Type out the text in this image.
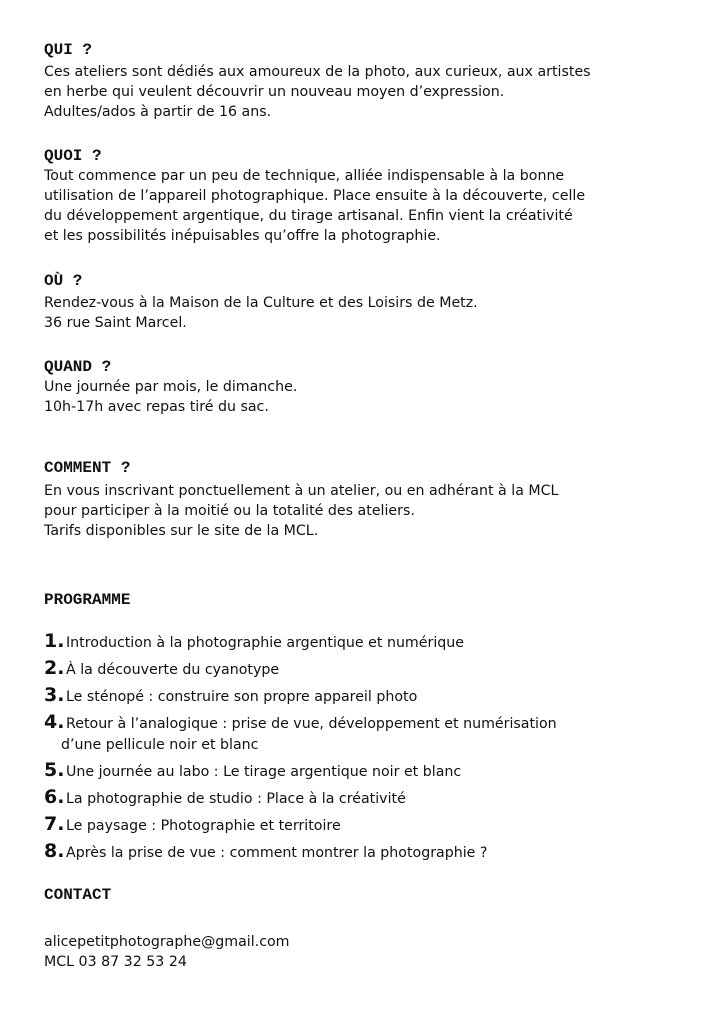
QUI ?

Ces ateliers sont dédiés aux amoureux de la photo, aux curieux, aux artistes
en herbe qui veulent découvrir un nouveau moyen d’expression.
Adultes/ados à partir de 16 ans.

QUOI ?

Tout commence par un peu de technique, alliée indispensable à la bonne
utilisation de l’appareil photographique. Place ensuite à la découverte, celle
du développement argentique, du tirage artisanal. Enfin vient la créativité
et les possibilités inépuisables qu’offre la photographie.

OÙ ?

Rendez-vous à la Maison de la Culture et des Loisirs de Metz.
36 rue Saint Marcel.

QUAND ?

Une journée par mois, le dimanche.
10h-17h avec repas tiré du sac.

COMMENT ?

En vous inscrivant ponctuellement à un atelier, ou en adhérant à la MCL
pour participer à la moitié ou la totalité des ateliers.
Tarifs disponibles sur le site de la MCL.

PROGRAMME
1. Introduction à la photographie argentique et numérique
2. À la découverte du cyanotype
3. Le sténopé : construire son propre appareil photo
4. Retour à l’analogique : prise de vue, développement et numérisation
d’une pellicule noir et blanc
5. Une journée au labo : Le tirage argentique noir et blanc
6. La photographie de studio : Place à la créativité
7. Le paysage : Photographie et territoire
8. Après la prise de vue : comment montrer la photographie ?
CONTACT

alicepetitphotographe@gmail.com
MCL 03 87 32 53 24
